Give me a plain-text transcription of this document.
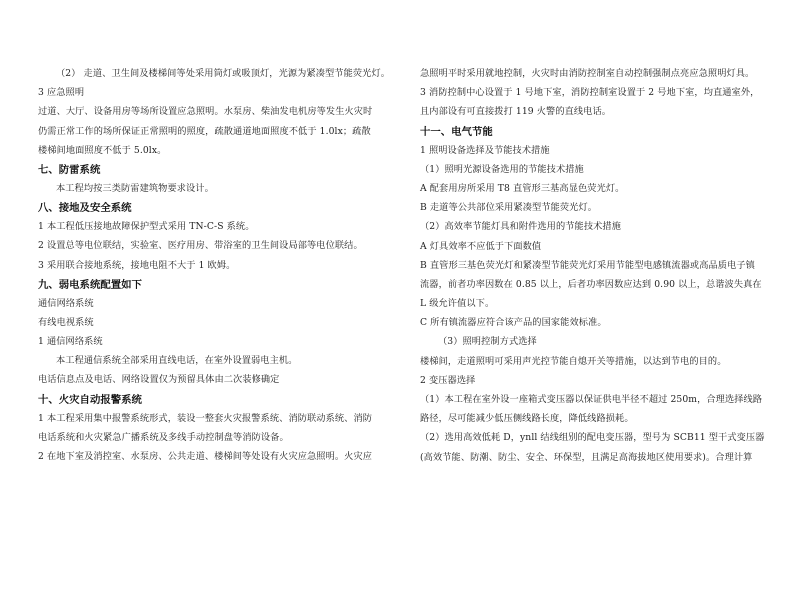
（2） 走道、卫生间及楼梯间等处采用筒灯或吸顶灯，光源为紧凑型节能荧光灯。
3 应急照明
过道、大厅、设备用房等场所设置应急照明。水泵房、柴油发电机房等发生火灾时
仍需正常工作的场所保证正常照明的照度，疏散通道地面照度不低于 1.0lx；疏散
楼梯间地面照度不低于 5.0lx。
七、防雷系统
本工程均按三类防雷建筑物要求设计。
八、接地及安全系统
1 本工程低压接地故障保护型式采用 TN-C-S 系统。
2 设置总等电位联结，实验室、医疗用房、带浴室的卫生间设局部等电位联结。
3 采用联合接地系统，接地电阻不大于 1 欧姆。
九、弱电系统配置如下
通信网络系统
有线电视系统
1 通信网络系统
本工程通信系统全部采用直线电话，在室外设置弱电主机。
电话信息点及电话、网络设置仅为预留具体由二次装修确定
十、火灾自动报警系统
1 本工程采用集中报警系统形式，装设一整套火灾报警系统、消防联动系统、消防
电话系统和火灾紧急广播系统及多线手动控制盘等消防设备。
2 在地下室及消控室、水泵房、公共走道、楼梯间等处设有火灾应急照明。火灾应
急照明平时采用就地控制，火灾时由消防控制室自动控制强制点亮应急照明灯具。
3 消防控制中心设置于 1 号地下室，消防控制室设置于 2 号地下室，均直通室外，
且内部设有可直接拨打 119 火警的直线电话。
十一、电气节能
1 照明设备选择及节能技术措施
（1）照明光源设备选用的节能技术措施
A 配套用房所采用 T8 直管形三基高显色荧光灯。
B 走道等公共部位采用紧凑型节能荧光灯。
（2）高效率节能灯具和附件选用的节能技术措施
A 灯具效率不应低于下面数值
B 直管形三基色荧光灯和紧凑型节能荧光灯采用节能型电感镇流器或高品质电子镇
流器，前者功率因数在 0.85 以上，后者功率因数应达到 0.90 以上，总谐波失真在
L 级允许值以下。
C 所有镇流器应符合该产品的国家能效标准。
（3）照明控制方式选择
楼梯间，走道照明可采用声光控节能自熄开关等措施，以达到节电的目的。
2 变压器选择
（1）本工程在室外设一座箱式变压器以保证供电半径不超过 250m，合理选择线路
路径，尽可能减少低压侧线路长度，降低线路损耗。
（2）选用高效低耗 D，ynll 结线组别的配电变压器，型号为 SCB11 型干式变压器
(高效节能、防潮、防尘、安全、环保型，且满足高海拔地区使用要求)。合理计算
